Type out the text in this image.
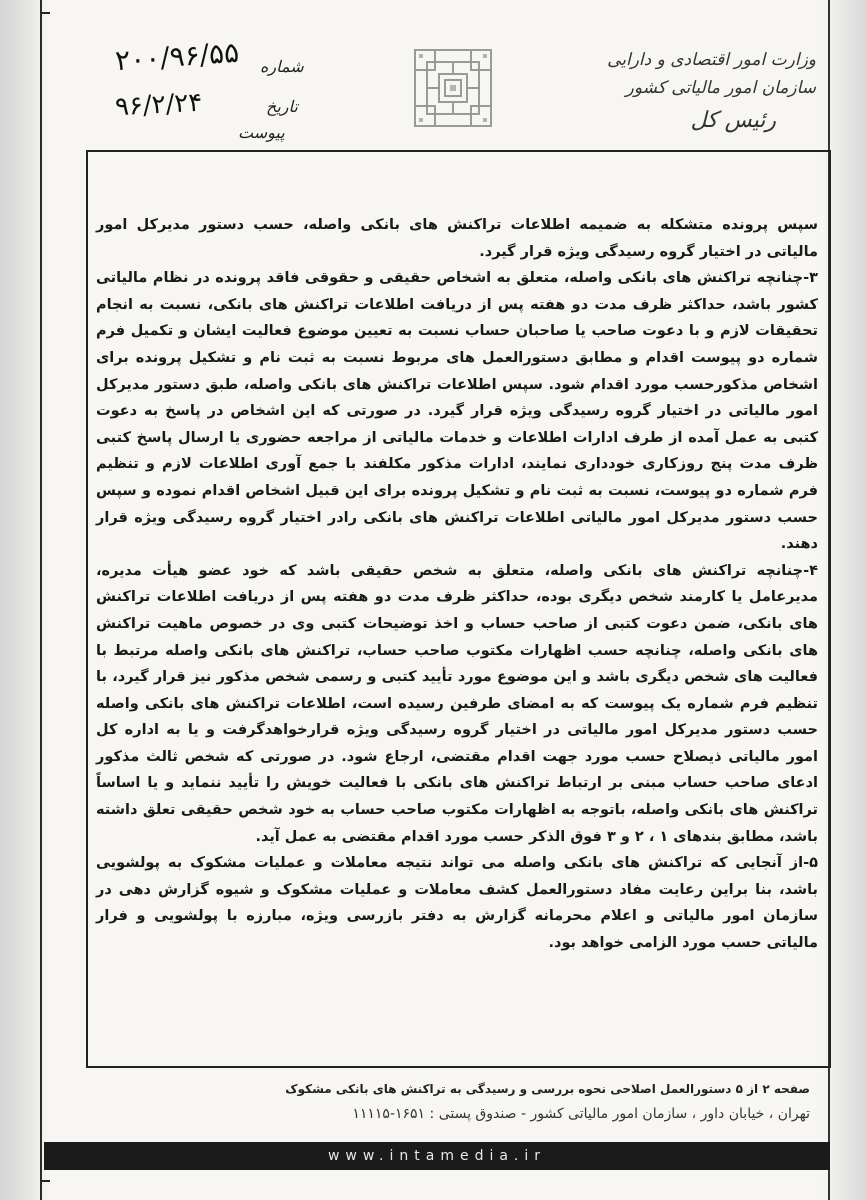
وزارت امور اقتصادی و دارایی
سازمان امور مالیاتی کشور
رئیس کل
۲۰۰/۹۶/۵۵ شماره
۹۶/۲/۲۴	تاریخ
پیوست

سپس پرونده متشکله به ضمیمه اطلاعات تراکنش های بانکی واصله، حسب دستور مدیرکل امور مالیاتی در اختیار گروه رسیدگی ویژه قرار گیرد.

۳-چنانچه تراکنش های بانکی واصله، متعلق به اشخاص حقیقی و حقوقی فاقد پرونده در نظام مالیاتی کشور باشد، حداکثر ظرف مدت دو هفته پس از دریافت اطلاعات تراکنش های بانکی، نسبت به انجام تحقیقات لازم و با دعوت صاحب یا صاحبان حساب نسبت به تعیین موضوع فعالیت ایشان و تکمیل فرم شماره دو پیوست اقدام و مطابق دستورالعمل های مربوط نسبت به ثبت نام و تشکیل پرونده برای اشخاص مذکورحسب مورد اقدام شود. سپس اطلاعات تراکنش های بانکی واصله، طبق دستور مدیرکل امور مالیاتی در اختیار گروه رسیدگی ویژه قرار گیرد. در صورتی که این اشخاص در پاسخ به دعوت کتبی به عمل آمده از طرف ادارات اطلاعات و خدمات مالیاتی از مراجعه حضوری یا ارسال پاسخ کتبی ظرف مدت پنج روزکاری خودداری نمایند، ادارات مذکور مکلفند با جمع آوری اطلاعات لازم و تنظیم فرم شماره دو پیوست، نسبت به ثبت نام و تشکیل پرونده برای این قبیل اشخاص اقدام نموده و سپس حسب دستور مدیرکل امور مالیاتی اطلاعات تراکنش های بانکی رادر اختیار گروه رسیدگی ویژه قرار دهند.

۴-چنانچه تراکنش های بانکی واصله، متعلق به شخص حقیقی باشد که خود عضو هیأت مدیره، مدیرعامل یا کارمند شخص دیگری بوده، حداکثر ظرف مدت دو هفته پس از دریافت اطلاعات تراکنش های بانکی، ضمن دعوت کتبی از صاحب حساب و اخذ توضیحات کتبی وی در خصوص ماهیت تراکنش های بانکی واصله، چنانچه حسب اظهارات مکتوب صاحب حساب، تراکنش های بانکی واصله مرتبط با فعالیت های شخص دیگری باشد و این موضوع مورد تأیید کتبی و رسمی شخص مذکور نیز قرار گیرد، با تنظیم فرم شماره یک پیوست که به امضای طرفین رسیده است، اطلاعات تراکنش های بانکی واصله حسب دستور مدیرکل امور مالیاتی در اختیار گروه رسیدگی ویژه قرارخواهدگرفت و یا به اداره کل امور مالیاتی ذیصلاح حسب مورد جهت اقدام مقتضی، ارجاع شود. در صورتی که شخص ثالث مذکور ادعای صاحب حساب مبنی بر ارتباط تراکنش های بانکی با فعالیت خویش را تأیید ننماید و یا اساساً تراکنش های بانکی واصله، باتوجه به اظهارات مکتوب صاحب حساب به خود شخص حقیقی تعلق داشته باشد، مطابق بندهای ۱ ، ۲ و ۳ فوق الذکر حسب مورد اقدام مقتضی به عمل آید.

۵-از آنجایی که تراکنش های بانکی واصله می تواند نتیجه معاملات و عملیات مشکوک به پولشویی باشد، بنا براین رعایت مفاد دستورالعمل کشف معاملات و عملیات مشکوک و شیوه گزارش دهی در سازمان امور مالیاتی و اعلام محرمانه گزارش به دفتر بازرسی ویژه، مبارزه با پولشویی و فرار مالیاتی حسب مورد الزامی خواهد بود.

صفحه ۲ از ۵ دستورالعمل اصلاحی نحوه بررسی و رسیدگی به تراکنش های بانکی مشکوک
تهران ، خیابان داور ، سازمان امور مالیاتی کشور - صندوق پستی : ۱۶۵۱-۱۱۱۱۵
www.intamedia.ir
